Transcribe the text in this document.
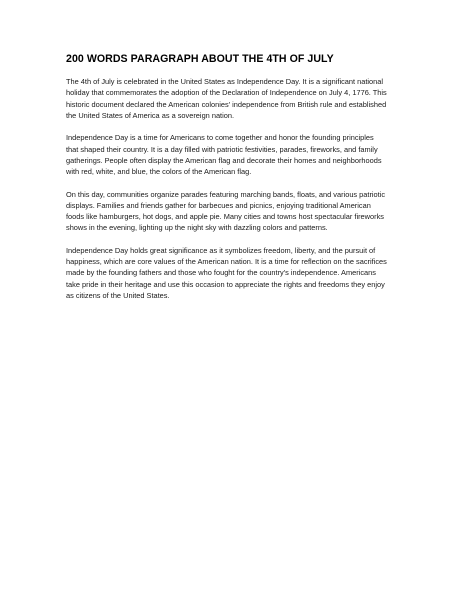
200 WORDS PARAGRAPH ABOUT THE 4TH OF JULY

The 4th of July is celebrated in the United States as Independence Day. It is a significant national
holiday that commemorates the adoption of the Declaration of Independence on July 4, 1776. This
historic document declared the American colonies' independence from British rule and established
the United States of America as a sovereign nation.

Independence Day is a time for Americans to come together and honor the founding principles
that shaped their country. It is a day filled with patriotic festivities, parades, fireworks, and family
gatherings. People often display the American flag and decorate their homes and neighborhoods
with red, white, and blue, the colors of the American flag.

On this day, communities organize parades featuring marching bands, floats, and various patriotic
displays. Families and friends gather for barbecues and picnics, enjoying traditional American
foods like hamburgers, hot dogs, and apple pie. Many cities and towns host spectacular fireworks
shows in the evening, lighting up the night sky with dazzling colors and patterns.

Independence Day holds great significance as it symbolizes freedom, liberty, and the pursuit of
happiness, which are core values of the American nation. It is a time for reflection on the sacrifices
made by the founding fathers and those who fought for the country's independence. Americans
take pride in their heritage and use this occasion to appreciate the rights and freedoms they enjoy
as citizens of the United States.
